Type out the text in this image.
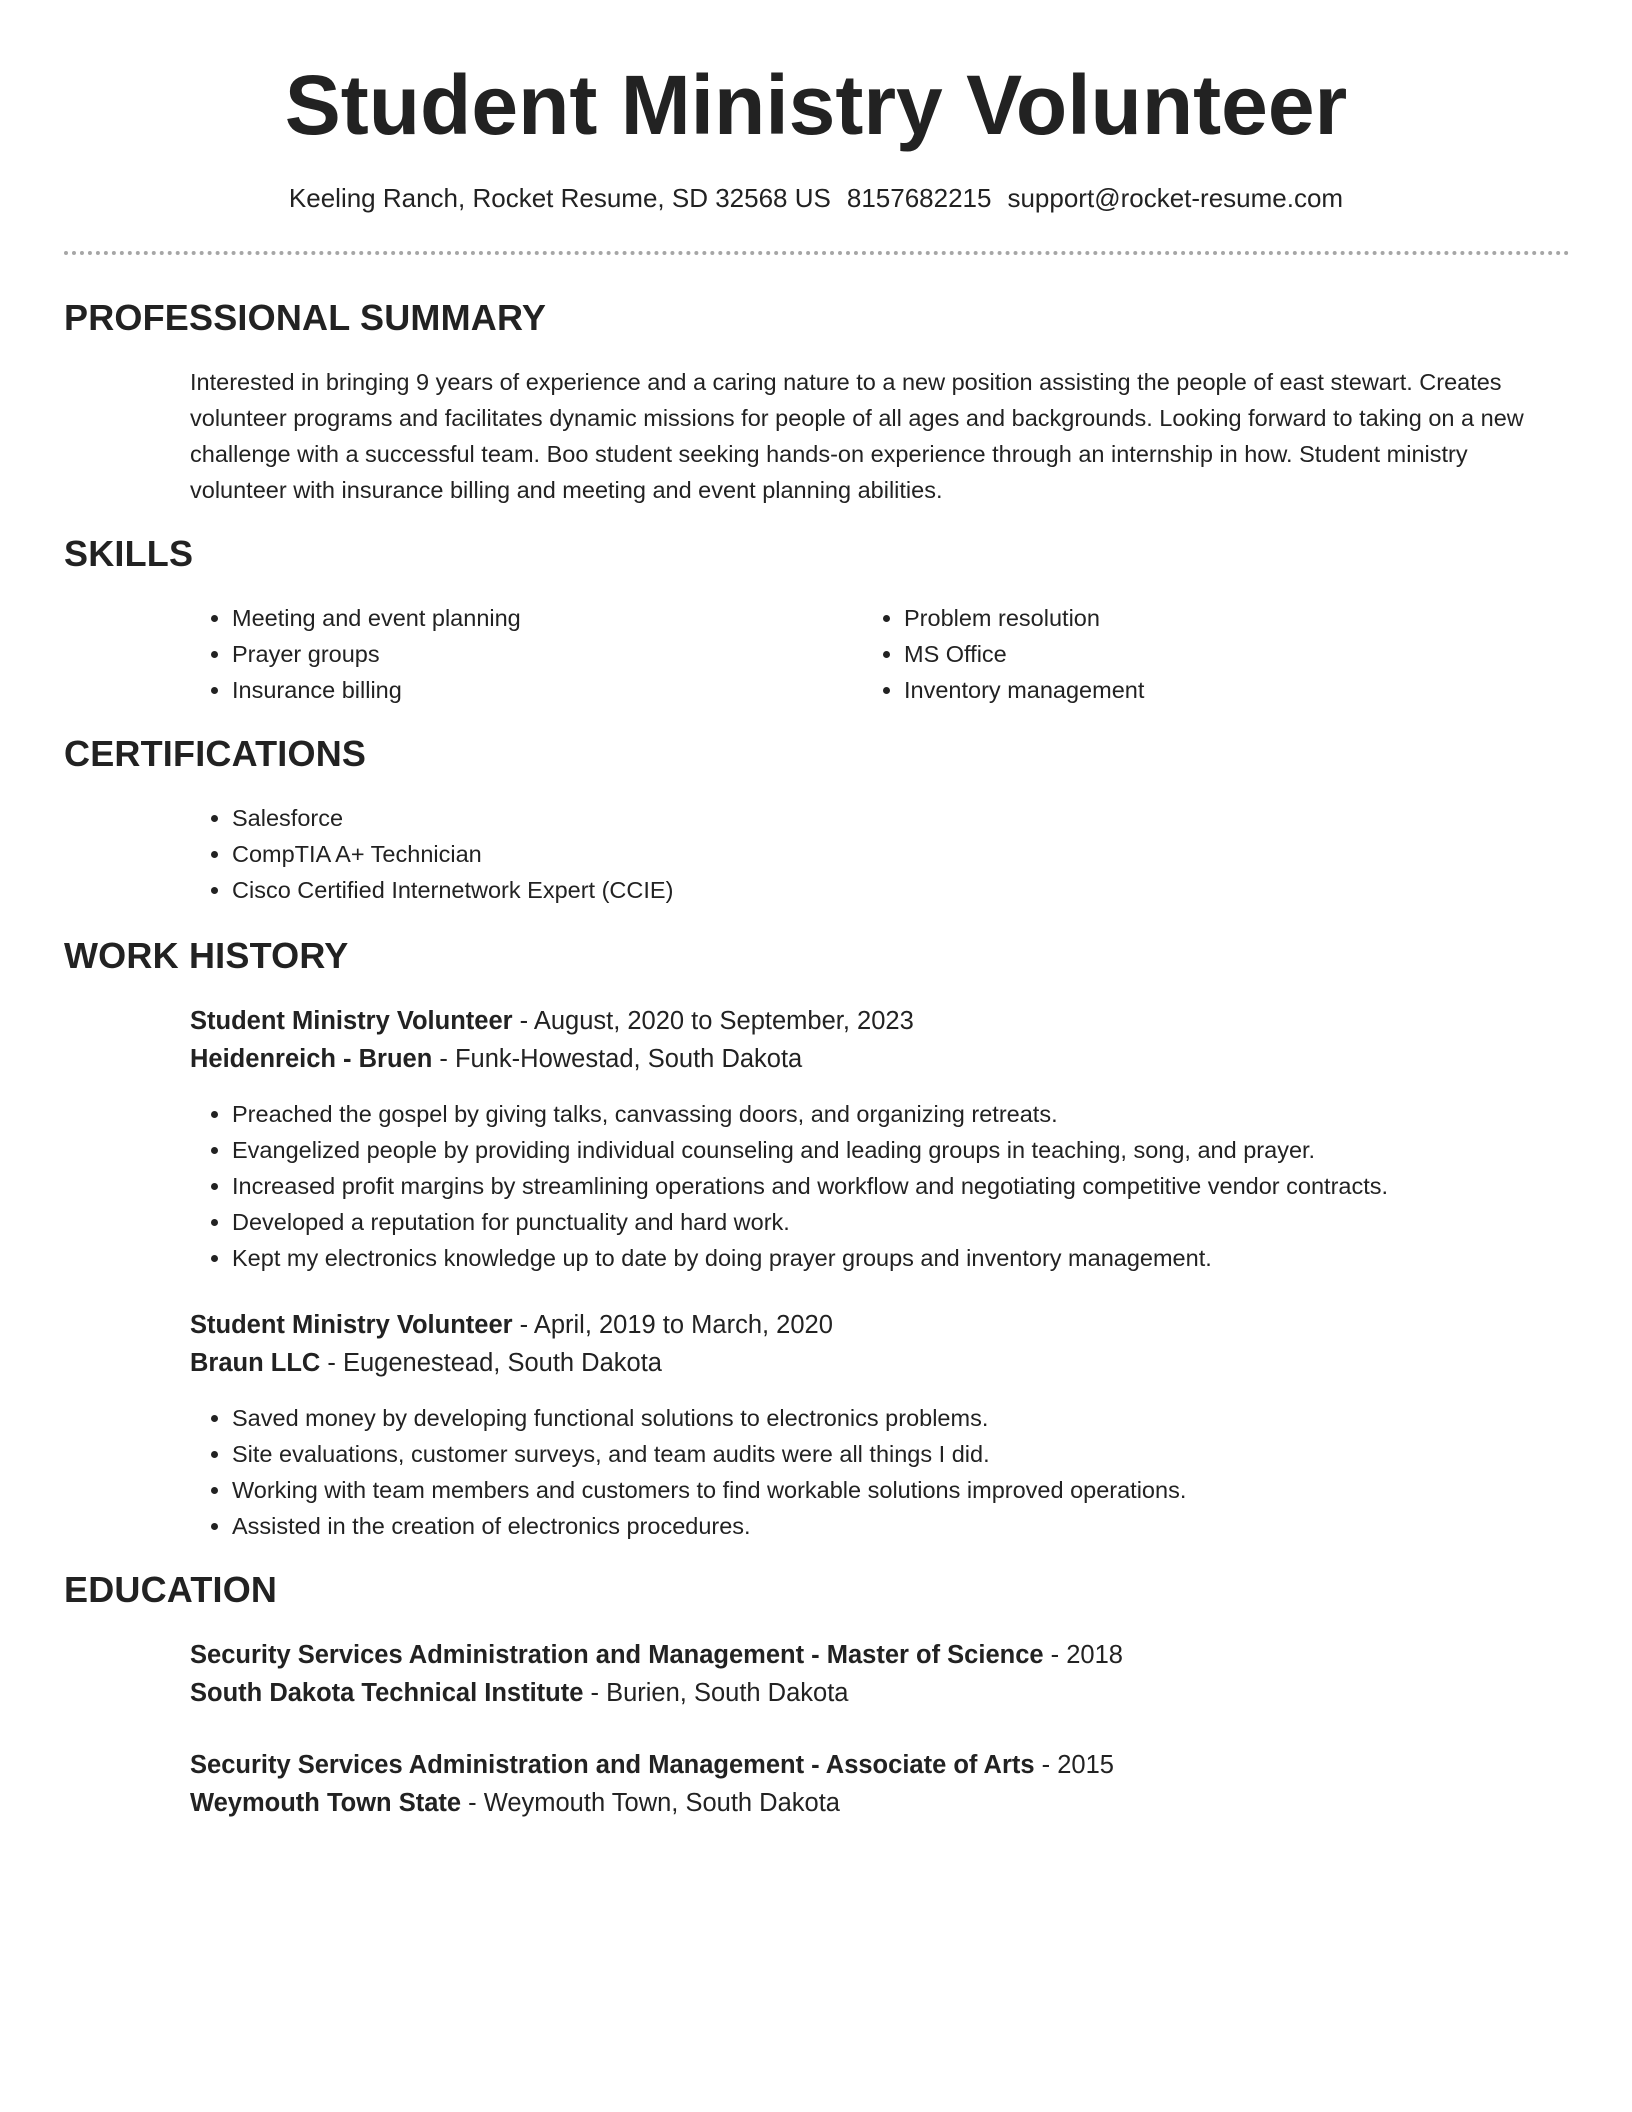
Student Ministry Volunteer
Keeling Ranch, Rocket Resume, SD 32568 US 8157682215 support@rocket-resume.com
PROFESSIONAL SUMMARY

Interested in bringing 9 years of experience and a caring nature to a new position assisting the people of east stewart. Creates volunteer programs and facilitates dynamic missions for people of all ages and backgrounds. Looking forward to taking on a new challenge with a successful team. Boo student seeking hands-on experience through an internship in how. Student ministry volunteer with insurance billing and meeting and event planning abilities.

SKILLS
• Meeting and event planning
• Prayer groups
• Insurance billing
• Problem resolution
• MS Office
• Inventory management
CERTIFICATIONS
• Salesforce
• CompTIA A+ Technician
• Cisco Certified Internetwork Expert (CCIE)
WORK HISTORY
Student Ministry Volunteer - August, 2020 to September, 2023
Heidenreich - Bruen - Funk-Howestad, South Dakota
• Preached the gospel by giving talks, canvassing doors, and organizing retreats.
• Evangelized people by providing individual counseling and leading groups in teaching, song, and prayer.
• Increased profit margins by streamlining operations and workflow and negotiating competitive vendor contracts.
• Developed a reputation for punctuality and hard work.
• Kept my electronics knowledge up to date by doing prayer groups and inventory management.
Student Ministry Volunteer - April, 2019 to March, 2020
Braun LLC - Eugenestead, South Dakota
• Saved money by developing functional solutions to electronics problems.
• Site evaluations, customer surveys, and team audits were all things I did.
• Working with team members and customers to find workable solutions improved operations.
• Assisted in the creation of electronics procedures.
EDUCATION
Security Services Administration and Management - Master of Science - 2018
South Dakota Technical Institute - Burien, South Dakota
Security Services Administration and Management - Associate of Arts - 2015
Weymouth Town State - Weymouth Town, South Dakota
